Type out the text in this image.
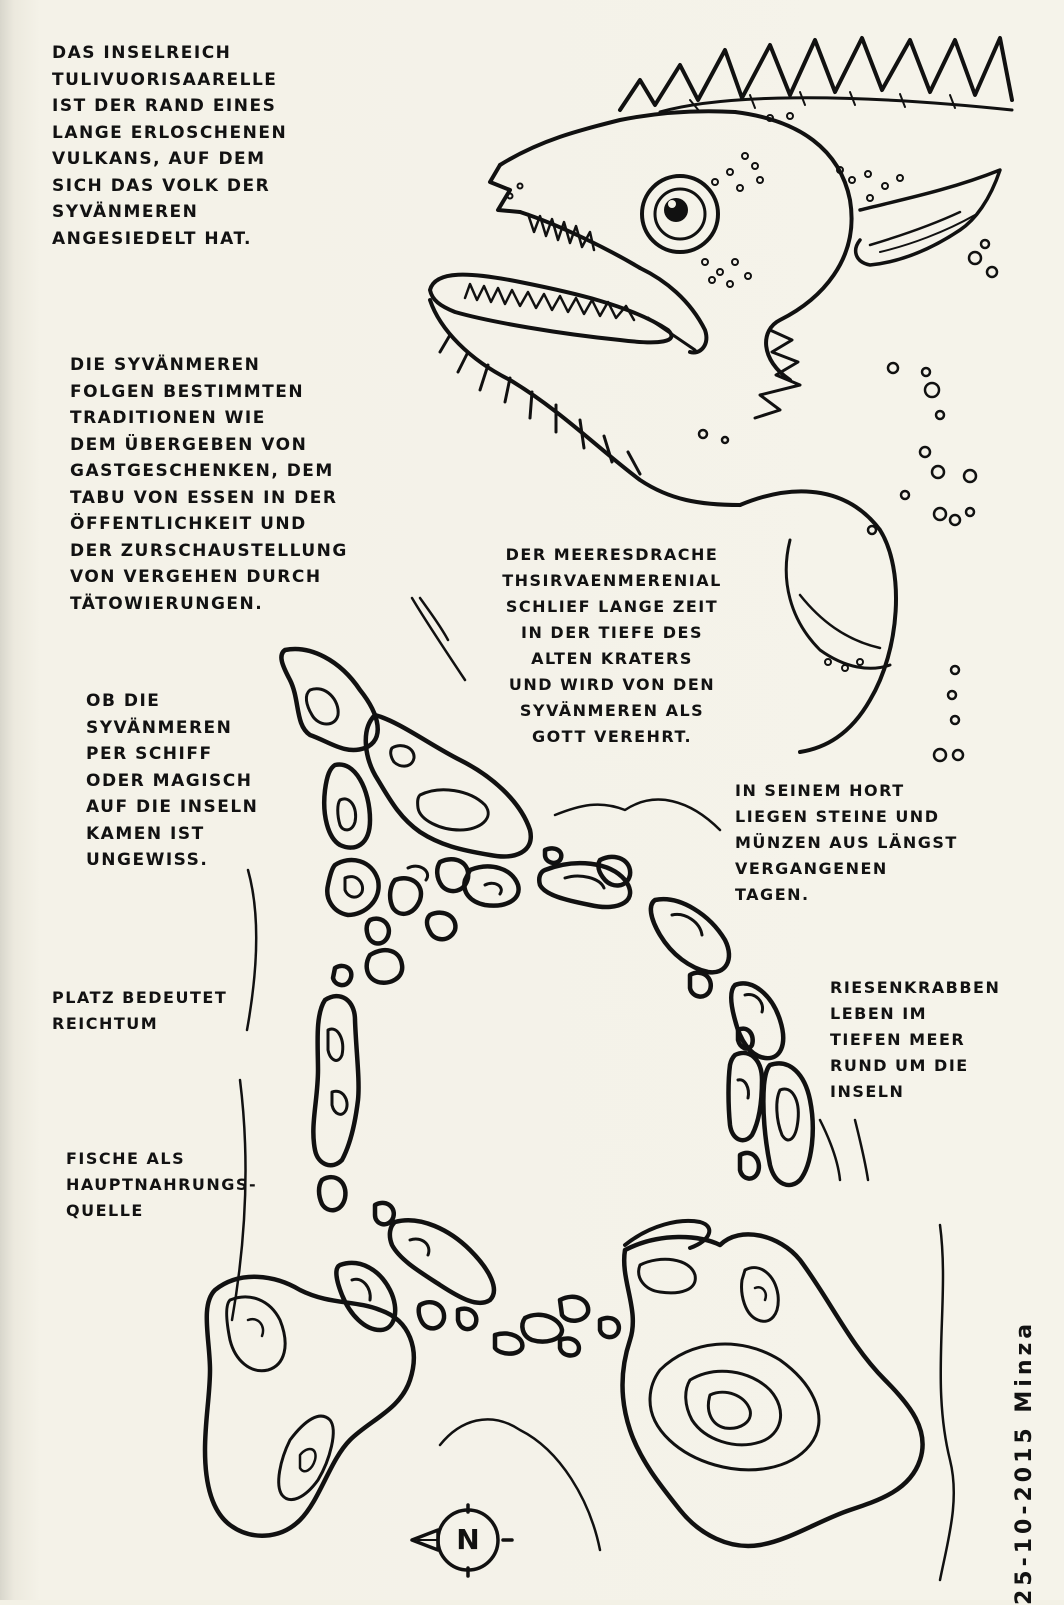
DAS INSELREICH
TULIVUORISAARELLE
IST DER RAND EINES
LANGE ERLOSCHENEN
VULKANS, AUF DEM
SICH DAS VOLK DER
SYVÄNMEREN
ANGESIEDELT HAT.

DIE SYVÄNMEREN
FOLGEN BESTIMMTEN
TRADITIONEN WIE
DEM ÜBERGEBEN VON
GASTGESCHENKEN, DEM
TABU VON ESSEN IN DER
ÖFFENTLICHKEIT UND
DER ZURSCHAUSTELLUNG
VON VERGEHEN DURCH
TÄTOWIERUNGEN.

DER MEERESDRACHE
THSIRVAENMERENIAL
SCHLIEF LANGE ZEIT
IN DER TIEFE DES
ALTEN KRATERS
UND WIRD VON DEN
SYVÄNMEREN ALS
GOTT VEREHRT.

OB DIE
SYVÄNMEREN
PER SCHIFF
ODER MAGISCH
AUF DIE INSELN
KAMEN IST
UNGEWISS.

IN SEINEM HORT
LIEGEN STEINE UND
MÜNZEN AUS LÄNGST
VERGANGENEN
TAGEN.

PLATZ BEDEUTET
REICHTUM

RIESENKRABBEN
LEBEN IM
TIEFEN MEER
RUND UM DIE
INSELN

FISCHE ALS
HAUPTNAHRUNGS-
QUELLE

N	25-10-2015 Minza
